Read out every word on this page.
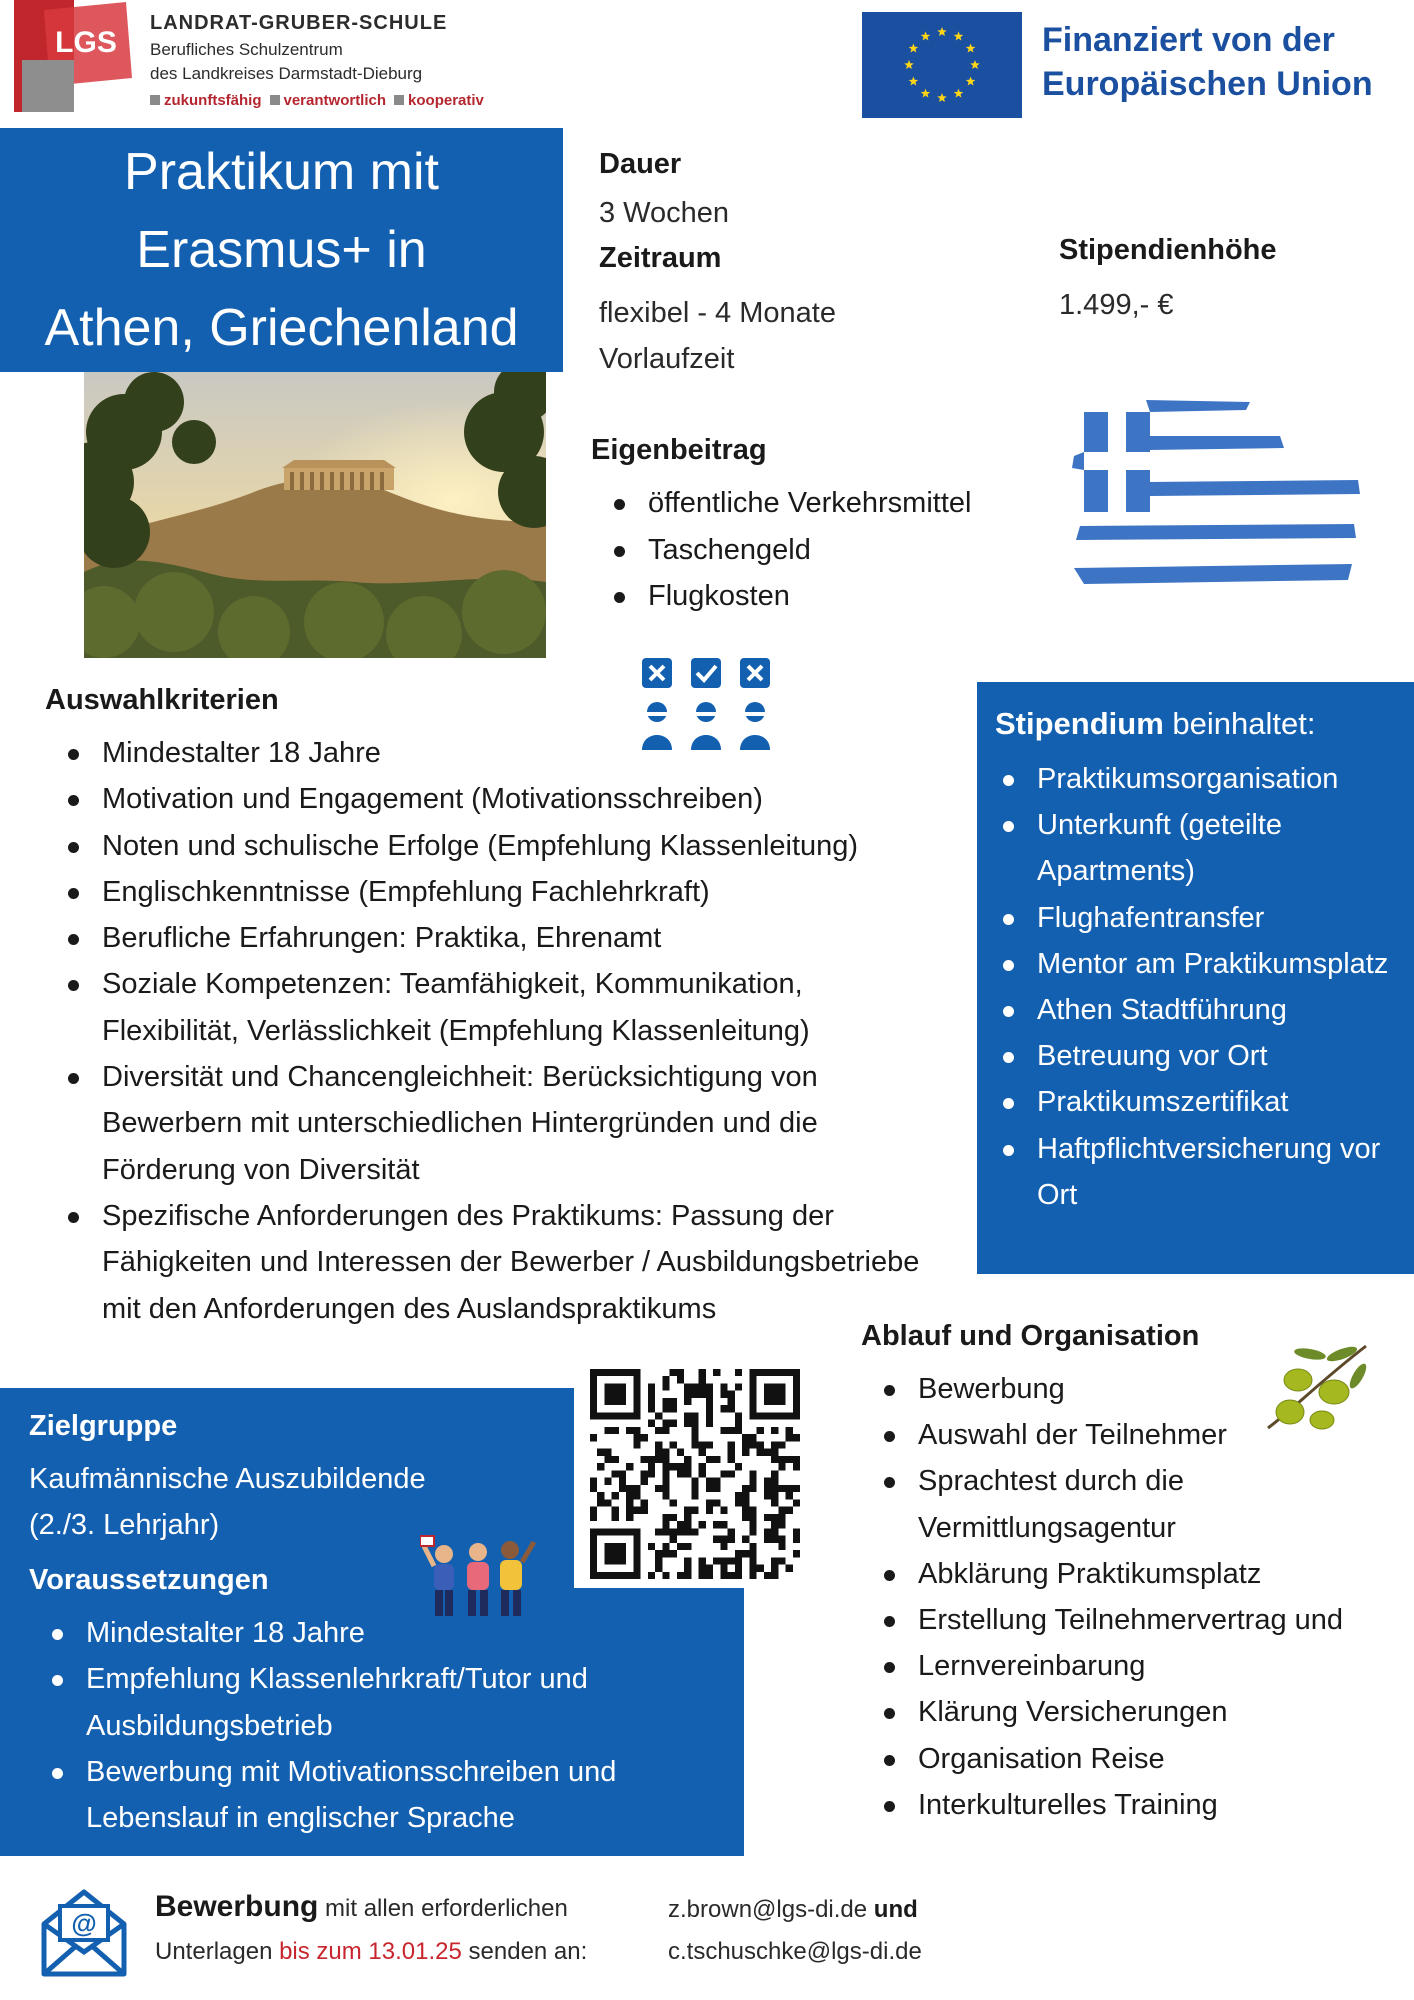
LGS
LANDRAT-GRUBER-SCHULE
Berufliches Schulzentrum
des Landkreises Darmstadt-Dieburg
zukunftsfähig	verantwortlich	kooperativ
Finanziert von der
Europäischen Union
Praktikum mit
Erasmus+ in
Athen, Griechenland
Dauer
3 Wochen
Zeitraum
flexibel - 4 Monate
Vorlaufzeit
Stipendienhöhe
1.499,- €
Eigenbeitrag
öffentliche Verkehrsmittel
Taschengeld
Flugkosten
Auswahlkriterien
Mindestalter 18 Jahre
Motivation und Engagement (Motivationsschreiben)
Noten und schulische Erfolge (Empfehlung Klassenleitung)
Englischkenntnisse (Empfehlung Fachlehrkraft)
Berufliche Erfahrungen: Praktika, Ehrenamt
Soziale Kompetenzen: Teamfähigkeit, Kommunikation, Flexibilität, Verlässlichkeit (Empfehlung Klassenleitung)
Diversität und Chancengleichheit: Berücksichtigung von Bewerbern mit unterschiedlichen Hintergründen und die Förderung von Diversität
Spezifische Anforderungen des Praktikums: Passung der Fähigkeiten und Interessen der Bewerber / Ausbildungsbetriebe mit den Anforderungen des Auslandspraktikums
Stipendium beinhaltet:
Praktikumsorganisation
Unterkunft (geteilte Apartments)
Flughafentransfer
Mentor am Praktikumsplatz
Athen Stadtführung
Betreuung vor Ort
Praktikumszertifikat
Haftpflichtversicherung vor Ort
Zielgruppe
Kaufmännische Auszubildende
(2./3. Lehrjahr)
Voraussetzungen
Mindestalter 18 Jahre
Empfehlung Klassenlehrkraft/Tutor und Ausbildungsbetrieb
Bewerbung mit Motivationsschreiben und Lebenslauf in englischer Sprache
Ablauf und Organisation
Bewerbung
Auswahl der Teilnehmer
Sprachtest durch die Vermittlungsagentur
Abklärung Praktikumsplatz
Erstellung Teilnehmervertrag und
Lernvereinbarung
Klärung Versicherungen
Organisation Reise
Interkulturelles Training
@ Bewerbung mit allen erforderlichen
Unterlagen bis zum 13.01.25 senden an:
z.brown@lgs-di.de und
c.tschuschke@lgs-di.de
